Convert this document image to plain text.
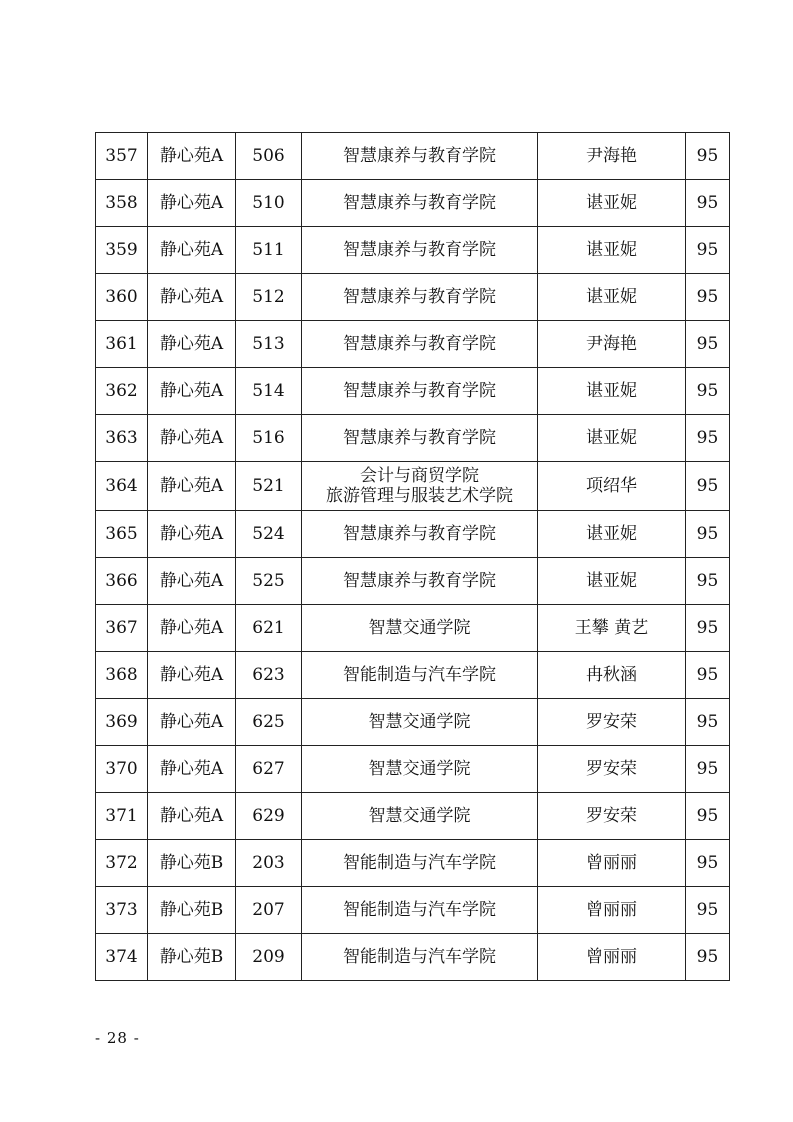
357	静心苑A	506	智慧康养与教育学院	尹海艳	95
358	静心苑A	510	智慧康养与教育学院	谌亚妮	95
359	静心苑A	511	智慧康养与教育学院	谌亚妮	95
360	静心苑A	512	智慧康养与教育学院	谌亚妮	95
361	静心苑A	513	智慧康养与教育学院	尹海艳	95
362	静心苑A	514	智慧康养与教育学院	谌亚妮	95
363	静心苑A	516	智慧康养与教育学院	谌亚妮	95
364	静心苑A	521	会计与商贸学院
旅游管理与服装艺术学院	项绍华	95
365	静心苑A	524	智慧康养与教育学院	谌亚妮	95
366	静心苑A	525	智慧康养与教育学院	谌亚妮	95
367	静心苑A	621	智慧交通学院	王攀 黄艺	95
368	静心苑A	623	智能制造与汽车学院	冉秋涵	95
369	静心苑A	625	智慧交通学院	罗安荣	95
370	静心苑A	627	智慧交通学院	罗安荣	95
371	静心苑A	629	智慧交通学院	罗安荣	95
372	静心苑B	203	智能制造与汽车学院	曾丽丽	95
373	静心苑B	207	智能制造与汽车学院	曾丽丽	95
374	静心苑B	209	智能制造与汽车学院	曾丽丽	95
- 28 -
